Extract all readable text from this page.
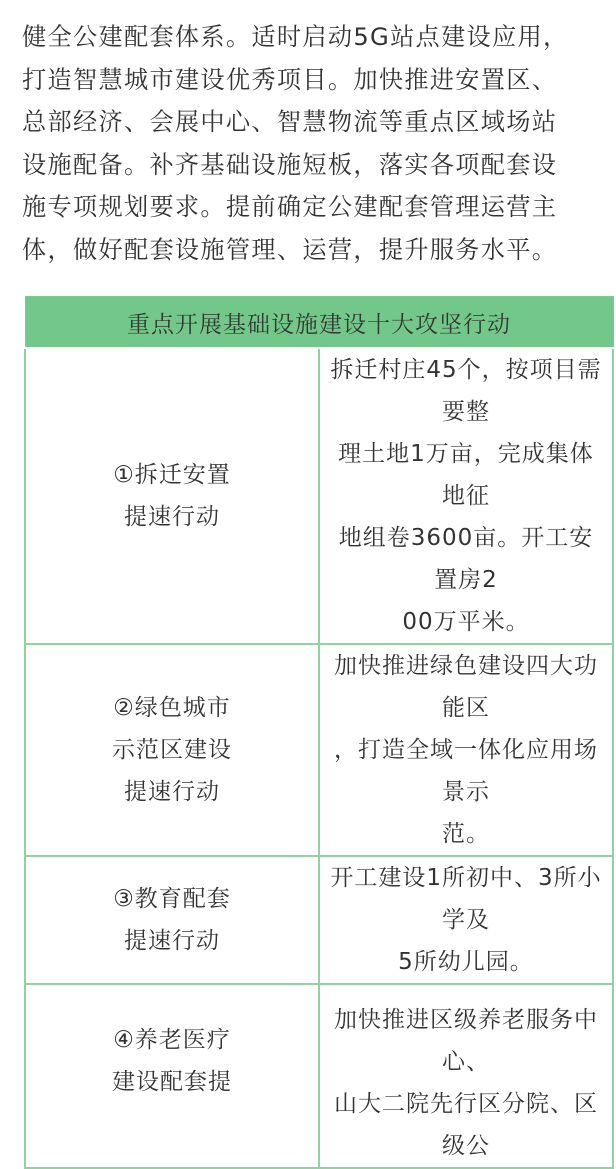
健全公建配套体系。适时启动5G站点建设应用，
打造智慧城市建设优秀项目。加快推进安置区、
总部经济、会展中心、智慧物流等重点区域场站
设施配备。补齐基础设施短板，落实各项配套设
施专项规划要求。提前确定公建配套管理运营主
体，做好配套设施管理、运营，提升服务水平。
重点开展基础设施建设十大攻坚行动	
①拆迁安置
提速行动	拆迁村庄45个，按项目需要整
理土地1万亩，完成集体地征
地组卷3600亩。开工安置房2
00万平米。
②绿色城市
示范区建设
提速行动	加快推进绿色建设四大功能区
，打造全域一体化应用场景示
范。
③教育配套
提速行动	开工建设1所初中、3所小学及
5所幼儿园。
④养老医疗
建设配套提	加快推进区级养老服务中心、
山大二院先行区分院、区级公
